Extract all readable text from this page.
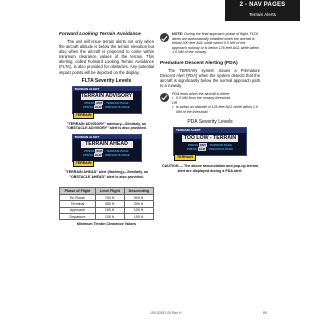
2 - NAV PAGES
Terrain Alerts
Forward Looking Terrain Avoidance
The unit will issue terrain alerts not only when the aircraft altitude is below the terrain elevation but also when the aircraft is projected to come within minimum clearance values of the terrain. This alerting, called Forward Looking Terrain Avoidance (FLTA), is also provided for obstacles. Any potential impact points will be depicted on the display.
FLTA Severity Levels
TERRAIN ALERT
TERRAIN ADVISORY
PRESS ENT - TERRAIN PAGE
PRESS CLR - PREVIOUS PAGE
TERRAIN
"TERRAIN ADVISORY" advisory—Similarly, an "OBSTACLE ADVISORY" alert is also provided.
TERRAIN ALERT
TERRAIN AHEAD
PRESS ENT - TERRAIN PAGE
PRESS CLR - PREVIOUS PAGE
TERRAIN
"TERRAIN AHEAD" alert (flashing)—Similarly, an "OBSTACLE AHEAD" alert is also provided.
Phase of Flight	Level Flight	Descending
En Route	700 ft.	500 ft.
Terminal	350 ft.	300 ft.
Approach	150 ft.	100 ft.
Departure	100 ft.	100 ft.
Minimum Terrain Clearance Values
NOTE: During the final approach phase of flight, FLTA alerts are automatically inhibited when the aircraft is below 200 feet AGL while within 0.5 NM of the approach runway or is below 125 feet AGL while within 1.0 NM of the runway.
Premature Descent Alerting (PDA)
The TERRAIN system issues a Premature Descent Alert (PDA) when the system detects that the aircraft is significantly below the normal approach path to a runway.
PDA ends when the aircraft is either:
• 0.5 NM from the runway threshold
OR
• is below an altitude of 125 feet AGL while within 1.0 NM of the threshold.
PDA Severity Levels
TERRAIN ALERT
TOO LOW - TERRAIN
PRESS ENT - TERRAIN PAGE
PRESS CLR - PREVIOUS PAGE
TERRAIN
CAUTION — The above annunciation and pop-up terrain alert are displayed during a PDA alert.
190-00357-00 Rev H	89
